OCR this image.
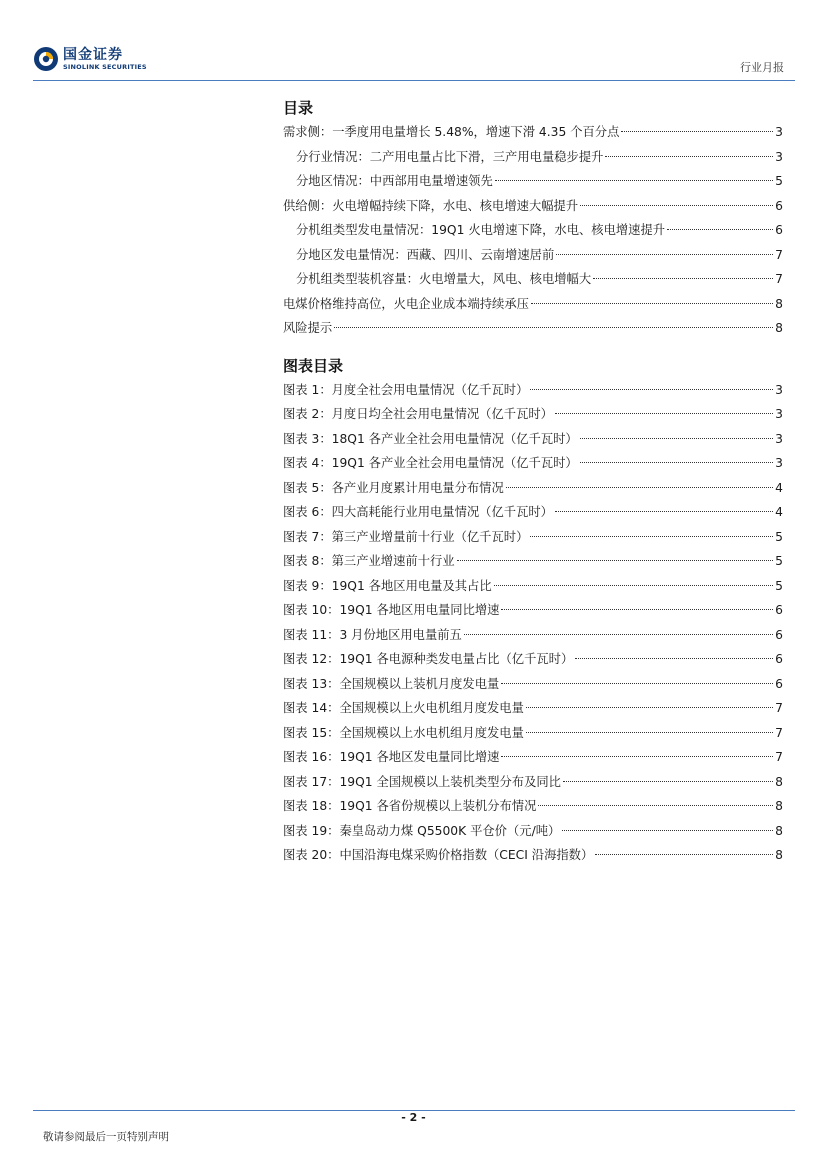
国金证券
SINOLINK SECURITIES	行业月报
目录
需求侧：一季度用电量增长 5.48%，增速下滑 4.35 个百分点	3
分行业情况：二产用电量占比下滑，三产用电量稳步提升	3
分地区情况：中西部用电量增速领先	5
供给侧：火电增幅持续下降，水电、核电增速大幅提升	6
分机组类型发电量情况：19Q1 火电增速下降，水电、核电增速提升	6
分地区发电量情况：西藏、四川、云南增速居前	7
分机组类型装机容量：火电增量大，风电、核电增幅大	7
电煤价格维持高位，火电企业成本端持续承压	8
风险提示	8
图表目录
图表 1：月度全社会用电量情况（亿千瓦时）	3
图表 2：月度日均全社会用电量情况（亿千瓦时）	3
图表 3：18Q1 各产业全社会用电量情况（亿千瓦时）	3
图表 4：19Q1 各产业全社会用电量情况（亿千瓦时）	3
图表 5：各产业月度累计用电量分布情况	4
图表 6：四大高耗能行业用电量情况（亿千瓦时）	4
图表 7：第三产业增量前十行业（亿千瓦时）	5
图表 8：第三产业增速前十行业	5
图表 9：19Q1 各地区用电量及其占比	5
图表 10：19Q1 各地区用电量同比增速	6
图表 11：3 月份地区用电量前五	6
图表 12：19Q1 各电源种类发电量占比（亿千瓦时）	6
图表 13：全国规模以上装机月度发电量	6
图表 14：全国规模以上火电机组月度发电量	7
图表 15：全国规模以上水电机组月度发电量	7
图表 16：19Q1 各地区发电量同比增速	7
图表 17：19Q1 全国规模以上装机类型分布及同比	8
图表 18：19Q1 各省份规模以上装机分布情况	8
图表 19：秦皇岛动力煤 Q5500K 平仓价（元/吨）	8
图表 20：中国沿海电煤采购价格指数（CECI 沿海指数）	8
- 2 -
敬请参阅最后一页特别声明
